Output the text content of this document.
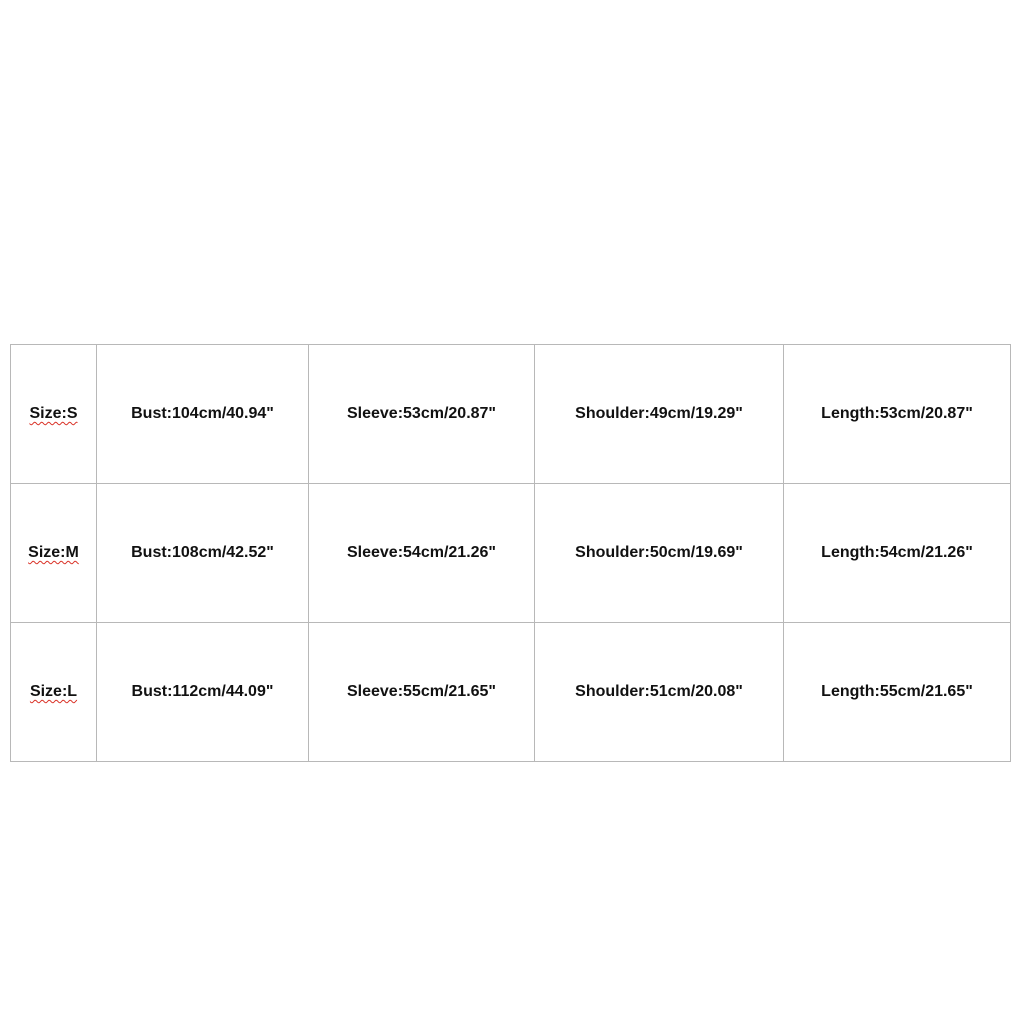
Size:S	Bust:104cm/40.94"	Sleeve:53cm/20.87"	Shoulder:49cm/19.29"	Length:53cm/20.87"
Size:M	Bust:108cm/42.52"	Sleeve:54cm/21.26"	Shoulder:50cm/19.69"	Length:54cm/21.26"
Size:L	Bust:112cm/44.09"	Sleeve:55cm/21.65"	Shoulder:51cm/20.08"	Length:55cm/21.65"
